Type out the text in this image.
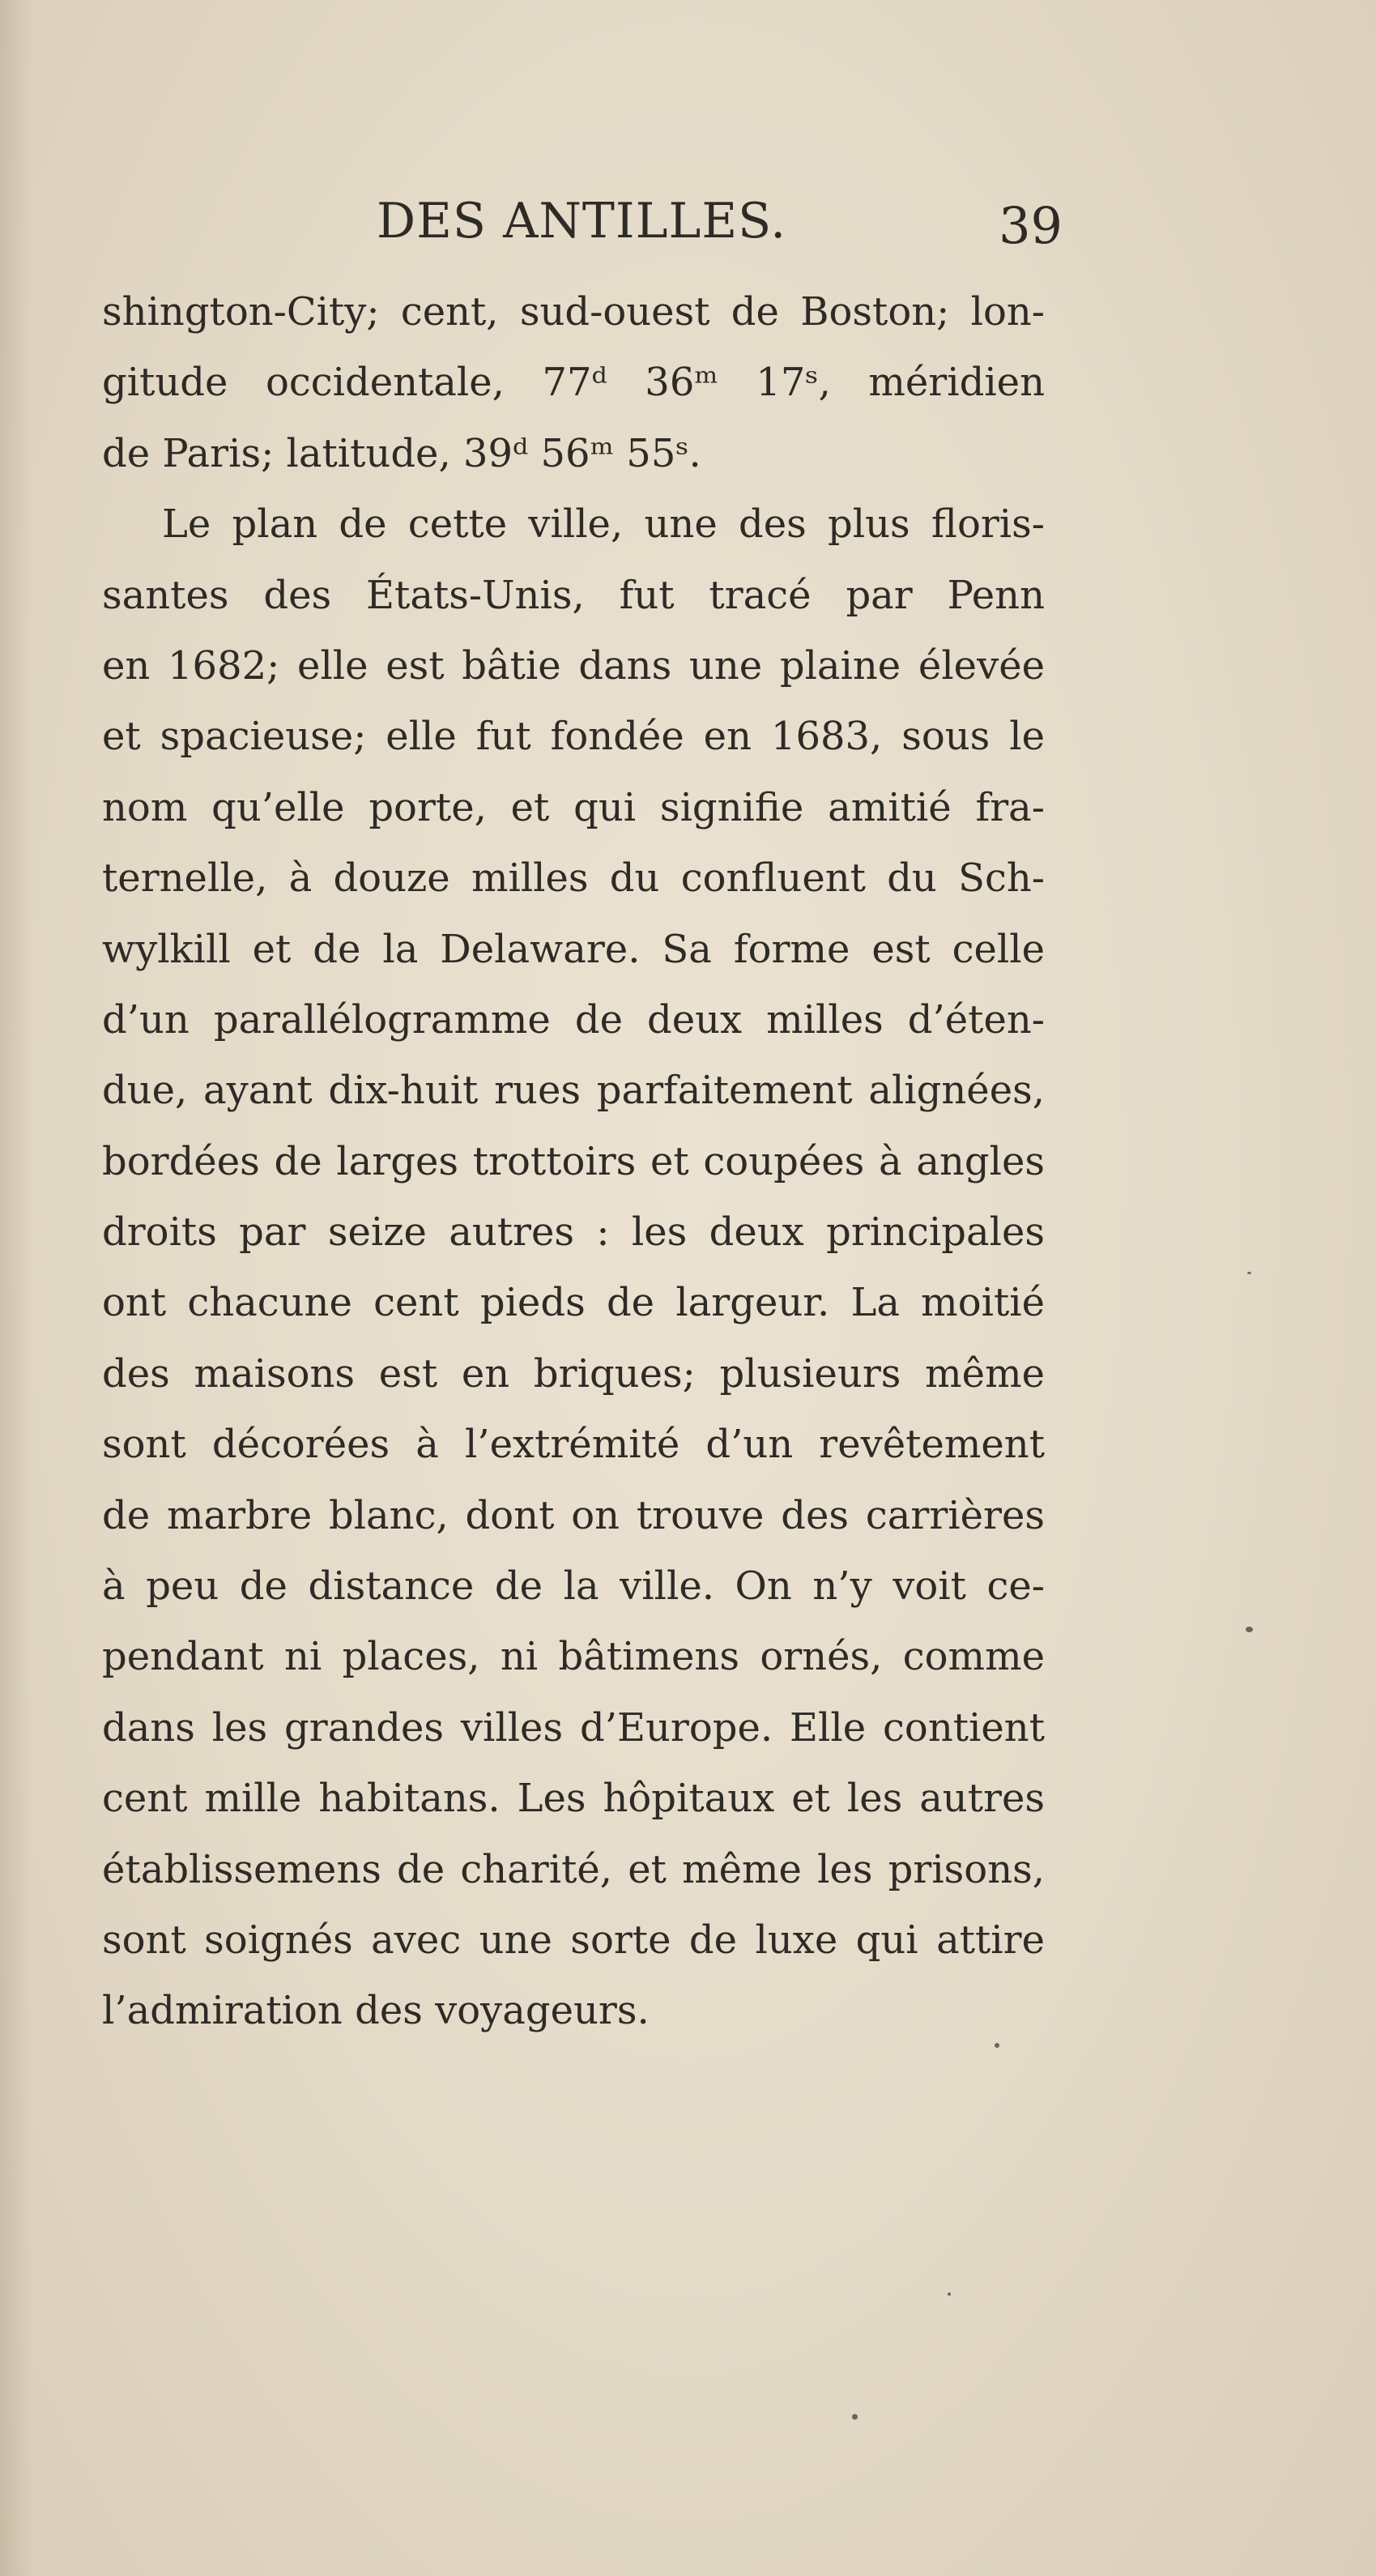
DES ANTILLES.	39
shington-City; cent, sud-ouest de Boston; lon-
gitude occidentale, 77ᵈ 36ᵐ 17ˢ, méridien
de Paris; latitude, 39ᵈ 56ᵐ 55ˢ.
Le plan de cette ville, une des plus floris-
santes des États-Unis, fut tracé par Penn
en 1682; elle est bâtie dans une plaine élevée
et spacieuse; elle fut fondée en 1683, sous le
nom qu’elle porte, et qui signifie amitié fra-
ternelle, à douze milles du confluent du Sch-
wylkill et de la Delaware. Sa forme est celle
d’un parallélogramme de deux milles d’éten-
due, ayant dix-huit rues parfaitement alignées,
bordées de larges trottoirs et coupées à angles
droits par seize autres : les deux principales
ont chacune cent pieds de largeur. La moitié
des maisons est en briques; plusieurs même
sont décorées à l’extrémité d’un revêtement
de marbre blanc, dont on trouve des carrières
à peu de distance de la ville. On n’y voit ce-
pendant ni places, ni bâtimens ornés, comme
dans les grandes villes d’Europe. Elle contient
cent mille habitans. Les hôpitaux et les autres
établissemens de charité, et même les prisons,
sont soignés avec une sorte de luxe qui attire
l’admiration des voyageurs.
